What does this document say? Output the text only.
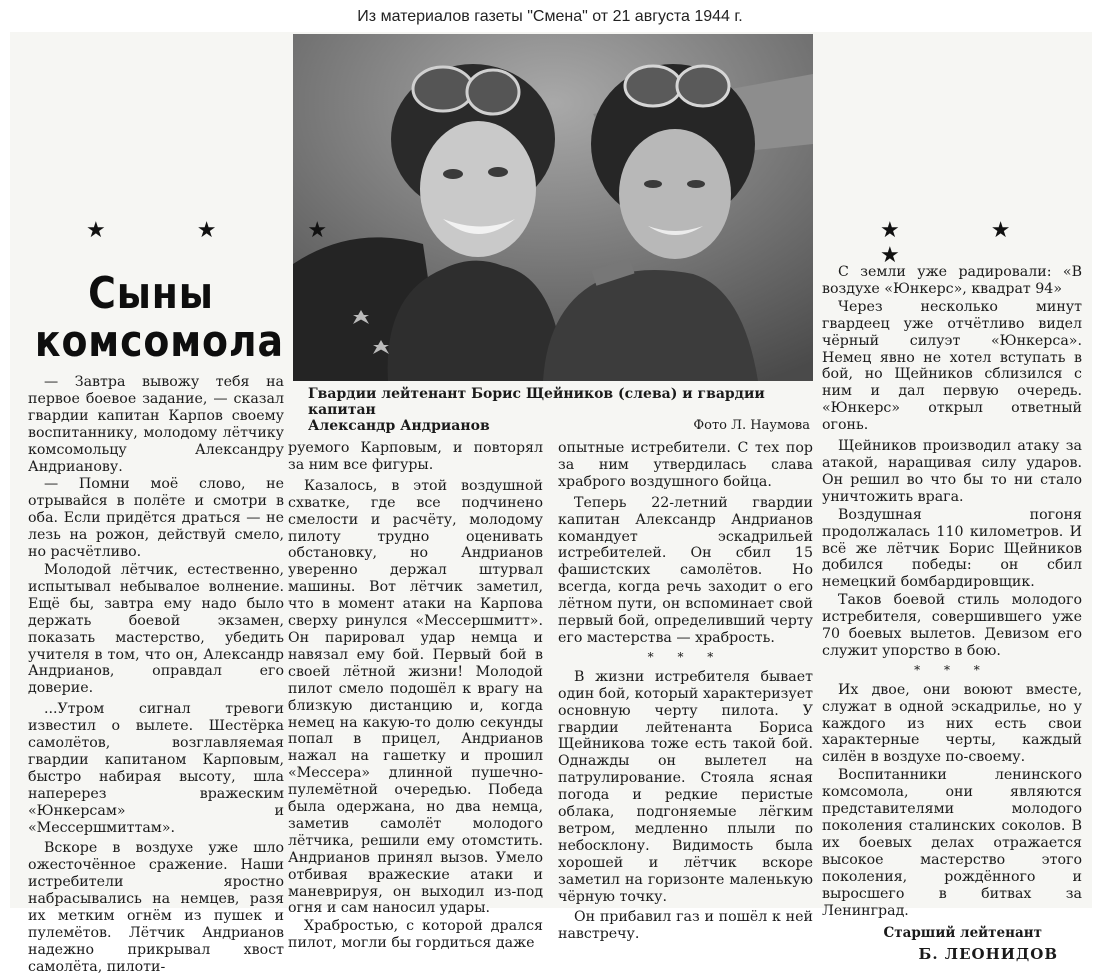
Из материалов газеты "Смена" от 21 августа 1944 г.
Гвардии лейтенант Борис Щейников (слева) и гвардии капитан
Александр Андрианов	Фото Л. Наумова
★ ★ ★	★ ★ ★
Сыны
комсомола

— Завтра вывожу тебя на первое боевое задание, — сказал гвардии капитан Карпов своему воспитаннику, молодому лётчику комсомольцу Александру Андрианову.

— Помни моё слово, не отрывайся в полёте и смотри в оба. Если придётся драться — не лезь на рожон, действуй смело, но расчётливо.

Молодой лётчик, естественно, испытывал небывалое волнение. Ещё бы, завтра ему надо было держать боевой экзамен, показать мастерство, убедить учителя в том, что он, Александр Андрианов, оправдал его доверие.

...Утром сигнал тревоги известил о вылете. Шестёрка самолётов, возглавляемая гвардии капитаном Карповым, быстро набирая высоту, шла наперерез вражеским «Юнкерсам» и «Мессершмиттам».

Вскоре в воздухе уже шло ожесточённое сражение. Наши истребители яростно набрасывались на немцев, разя их метким огнём из пушек и пулемётов. Лётчик Андрианов надежно прикрывал хвост самолёта, пилоти-

руемого Карповым, и повторял за ним все фигуры.

Казалось, в этой воздушной схватке, где все подчинено смелости и расчёту, молодому пилоту трудно оценивать обстановку, но Андрианов уверенно держал штурвал машины. Вот лётчик заметил, что в момент атаки на Карпова сверху ринулся «Мессершмитт». Он парировал удар немца и навязал ему бой. Первый бой в своей лётной жизни! Молодой пилот смело подошёл к врагу на близкую дистанцию и, когда немец на какую-то долю секунды попал в прицел, Андрианов нажал на гашетку и прошил «Мессера» длинной пушечно-пулемётной очередью. Победа была одержана, но два немца, заметив самолёт молодого лётчика, решили ему отомстить. Андрианов принял вызов. Умело отбивая вражеские атаки и маневрируя, он выходил из-под огня и сам наносил удары.

Храбростью, с которой дрался пилот, могли бы гордиться даже

опытные истребители. С тех пор за ним утвердилась слава храброго воздушного бойца.

Теперь 22-летний гвардии капитан Александр Андрианов командует эскадрильей истребителей. Он сбил 15 фашистских самолётов. Но всегда, когда речь заходит о его лётном пути, он вспоминает свой первый бой, определивший черту его мастерства — храбрость.

* * *

В жизни истребителя бывает один бой, который характеризует основную черту пилота. У гвардии лейтенанта Бориса Щейникова тоже есть такой бой. Однажды он вылетел на патрулирование. Стояла ясная погода и редкие перистые облака, подгоняемые лёгким ветром, медленно плыли по небосклону. Видимость была хорошей и лётчик вскоре заметил на горизонте маленькую чёрную точку.

Он прибавил газ и пошёл к ней навстречу.

С земли уже радировали: «В воздухе «Юнкерс», квадрат 94»

Через несколько минут гвардеец уже отчётливо видел чёрный силуэт «Юнкерса». Немец явно не хотел вступать в бой, но Щейников сблизился с ним и дал первую очередь. «Юнкерс» открыл ответный огонь.

Щейников производил атаку за атакой, наращивая силу ударов. Он решил во что бы то ни стало уничтожить врага.

Воздушная погоня продолжалась 110 километров. И всё же лётчик Борис Щейников добился победы: он сбил немецкий бомбардировщик.

Таков боевой стиль молодого истребителя, совершившего уже 70 боевых вылетов. Девизом его служит упорство в бою.

* * *

Их двое, они воюют вместе, служат в одной эскадрилье, но у каждого из них есть свои характерные черты, каждый силён в воздухе по-своему.

Воспитанники ленинского комсомола, они являются представителями молодого поколения сталинских соколов. В их боевых делах отражается высокое мастерство этого поколения, рождённого и выросшего в битвах за Ленинград.

Старший лейтенант
Б. ЛЕОНИДОВ
